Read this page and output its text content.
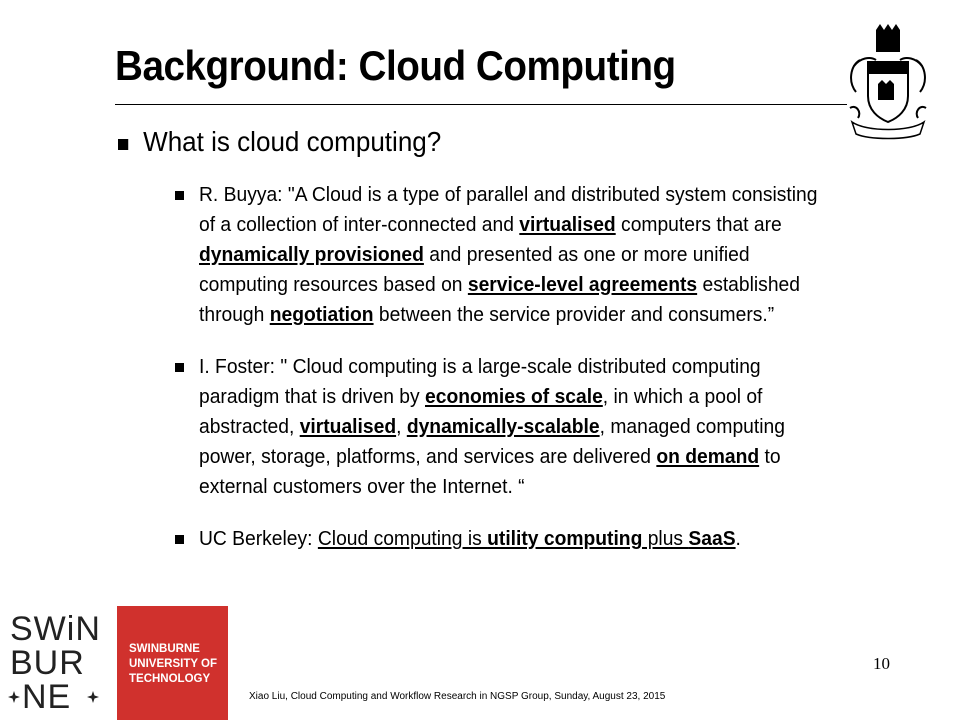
Background: Cloud Computing
What is cloud computing?
R. Buyya: "A Cloud is a type of parallel and distributed system consisting
of a collection of inter-connected and virtualised computers that are
dynamically provisioned and presented as one or more unified
computing resources based on service-level agreements established
through negotiation between the service provider and consumers.”
I. Foster: " Cloud computing is a large-scale distributed computing
paradigm that is driven by economies of scale, in which a pool of
abstracted, virtualised, dynamically-scalable, managed computing
power, storage, platforms, and services are delivered on demand to
external customers over the Internet. “
UC Berkeley: Cloud computing is utility computing plus SaaS.
SWiN
BUR
NE
SWINBURNE
UNIVERSITY OF
TECHNOLOGY
10
Xiao Liu, Cloud Computing and Workflow Research in NGSP Group, Sunday, August 23, 2015
